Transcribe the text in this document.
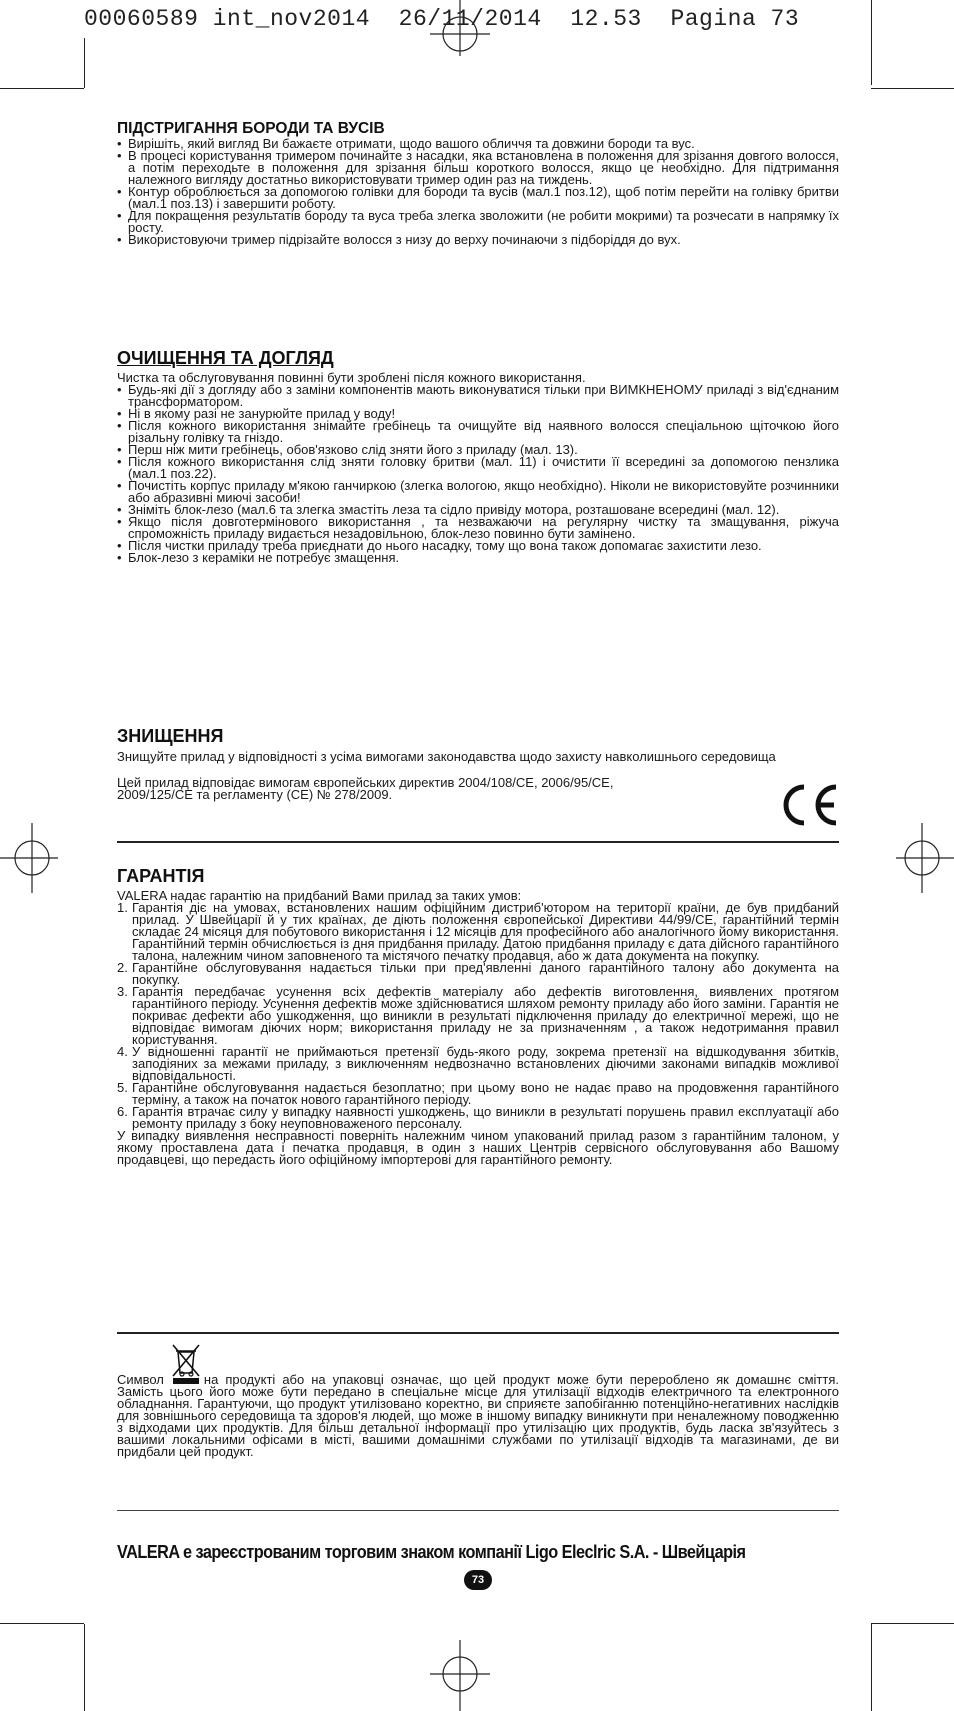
00060589 int_nov2014 26/11/2014 12.53 Pagina 73
ПІДСТРИГАННЯ БОРОДИ ТА ВУСІВ
• Вирішіть, який вигляд Ви бажаєте отримати, щодо вашого обличчя та довжини бороди та вус.
• В процесі користування тримером починайте з насадки, яка встановлена в положення для зрізання довгого волосся, а потім переходьте в положення для зрізання більш короткого волосся, якщо це необхідно. Для підтримання належного вигляду достатньо використовувати тример один раз на тиждень.
• Контур оброблюється за допомогою голівки для бороди та вусів (мал.1 поз.12), щоб потім перейти на голівку бритви (мал.1 поз.13) і завершити роботу.
• Для покращення результатів бороду та вуса треба злегка зволожити (не робити мокрими) та розчесати в напрямку їх росту.
• Використовуючи тример підрізайте волосся з низу до верху починаючи з підборіддя до вух.
ОЧИЩЕННЯ ТА ДОГЛЯД

Чистка та обслуговування повинні бути зроблені після кожного використання.

• Будь-які дії з догляду або з заміни компонентів мають виконуватися тільки при ВИМКНЕНОМУ приладі з від'єднаним трансформатором.
• Ні в якому разі не занурюйте прилад у воду!
• Після кожного використання знімайте гребінець та очищуйте від наявного волосся спеціальною щіточкою його різальну голівку та гніздо.
• Перш ніж мити гребінець, обов'язково слід зняти його з приладу (мал. 13).
• Після кожного використання слід зняти головку бритви (мал. 11) і очистити її всередині за допомогою пензлика (мал.1 поз.22).
• Почистіть корпус приладу м'якою ганчиркою (злегка вологою, якщо необхідно). Ніколи не використовуйте розчинники або абразивні миючі засоби!
• Зніміть блок-лезо (мал.6 та злегка змастіть леза та сідло привіду мотора, розташоване всередині (мал. 12).
• Якщо після довготермінового використання , та незважаючи на регулярну чистку та змащування, ріжуча спроможність приладу видається незадовільною, блок-лезо повинно бути замінено.
• Після чистки приладу треба приєднати до нього насадку, тому що вона також допомагає захистити лезо.
• Блок-лезо з кераміки не потребує змащення.
ЗНИЩЕННЯ

Знищуйте прилад у відповідності з усіма вимогами законодавства щодо захисту навколишнього середовища

Цей прилад відповідає вимогам європейських директив 2004/108/CE, 2006/95/CE,

2009/125/CE та регламенту (CE) № 278/2009.

ГАРАНТІЯ

VALERA надає гарантію на придбаний Вами прилад за таких умов:

1. Гарантія діє на умовах, встановлених нашим офіційним дистриб'ютором на території країни, де був придбаний прилад. У Швейцарії й у тих країнах, де діють положення європейської Директиви 44/99/CE, гарантійний термін складає 24 місяця для побутового використання і 12 місяців для професійного або аналогічного йому використання. Гарантійний термін обчислюється із дня придбання приладу. Датою придбання приладу є дата дійсного гарантійного талона, належним чином заповненого та містячого печатку продавця, або ж дата документа на покупку.
2. Гарантійне обслуговування надається тільки при пред'явленні даного гарантійного талону або документа на покупку.
3. Гарантія передбачає усунення всіх дефектів матеріалу або дефектів виготовлення, виявлених протягом гарантійного періоду. Усунення дефектів може здійснюватися шляхом ремонту приладу або його заміни. Гарантія не покриває дефекти або ушкодження, що виникли в результаті підключення приладу до електричної мережі, що не відповідає вимогам діючих норм; використання приладу не за призначенням , а також недотримання правил користування.
4. У відношенні гарантії не приймаються претензії будь-якого роду, зокрема претензії на відшкодування збитків, заподіяних за межами приладу, з виключенням недвозначно встановлених діючими законами випадків можливої відповідальності.
5. Гарантійне обслуговування надається безоплатно; при цьому воно не надає право на продовження гарантійного терміну, а також на початок нового гарантійного періоду.
6. Гарантія втрачає силу у випадку наявності ушкоджень, що виникли в результаті порушень правил експлуатації або ремонту приладу з боку неуповноваженого персоналу.

У випадку виявлення несправності поверніть належним чином упакований прилад разом з гарантійним талоном, у якому проставлена дата і печатка продавця, в один з наших Центрів сервісного обслуговування або Вашому продавцеві, що передасть його офіційному імпортерові для гарантійного ремонту.

Символ	на продукті або на упаковці означає, що цей продукт може бути перероблено як домашнє сміття. Замість цього його може бути передано в спеціальне місце для утилізації відходів електричного та електронного обладнання. Гарантуючи, що продукт утилізовано коректно, ви сприяєте запобіганню потенційно-негативних наслідків для зовнішнього середовища та здоров'я людей, що може в іншому випадку виникнути при неналежному поводженню з відходами цих продуктів. Для більш детальної інформації про утилізацію цих продуктів, будь ласка зв'язуйтесь з вашими локальними офісами в місті, вашими домашніми службами по утилізації відходів та магазинами, де ви придбали цей продукт.
VALERA е зареєстрованим торговим знаком компанії Ligo Eleclric S.A. - Швейцарія
73
